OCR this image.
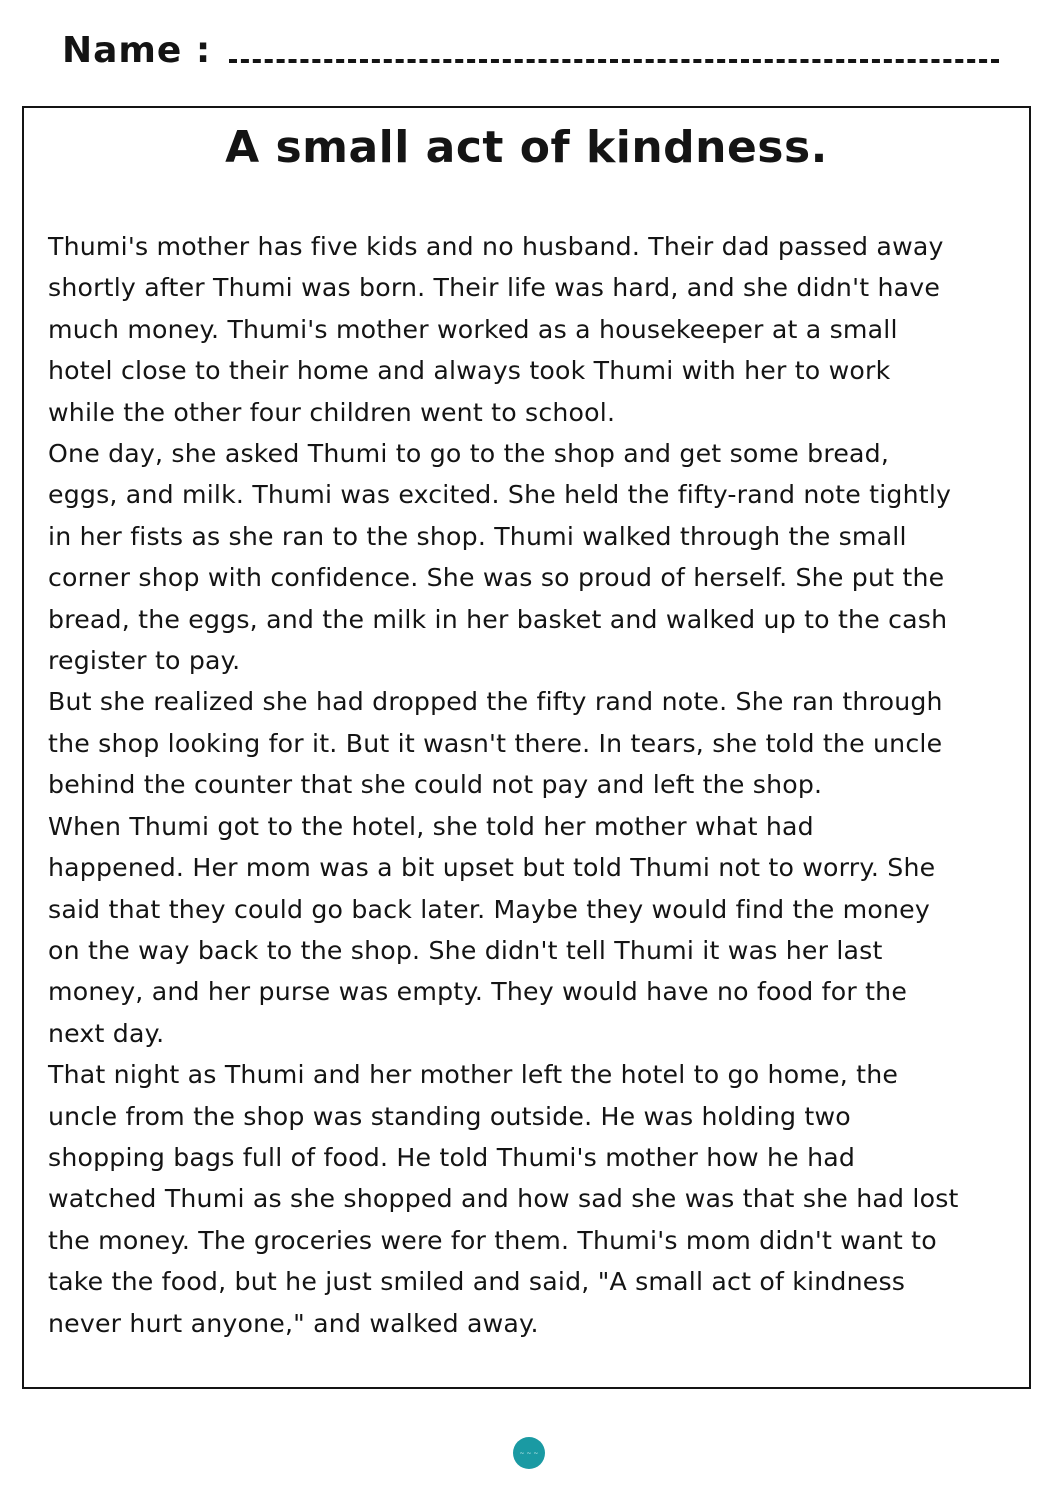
Name :
A small act of kindness.
Thumi's mother has five kids and no husband. Their dad passed away
shortly after Thumi was born. Their life was hard, and she didn't have
much money. Thumi's mother worked as a housekeeper at a small
hotel close to their home and always took Thumi with her to work
while the other four children went to school.
One day, she asked Thumi to go to the shop and get some bread,
eggs, and milk. Thumi was excited. She held the fifty-rand note tightly
in her fists as she ran to the shop. Thumi walked through the small
corner shop with confidence. She was so proud of herself. She put the
bread, the eggs, and the milk in her basket and walked up to the cash
register to pay.
But she realized she had dropped the fifty rand note. She ran through
the shop looking for it. But it wasn't there. In tears, she told the uncle
behind the counter that she could not pay and left the shop.
When Thumi got to the hotel, she told her mother what had
happened. Her mom was a bit upset but told Thumi not to worry. She
said that they could go back later. Maybe they would find the money
on the way back to the shop. She didn't tell Thumi it was her last
money, and her purse was empty. They would have no food for the
next day.
That night as Thumi and her mother left the hotel to go home, the
uncle from the shop was standing outside. He was holding two
shopping bags full of food. He told Thumi's mother how he had
watched Thumi as she shopped and how sad she was that she had lost
the money. The groceries were for them. Thumi's mom didn't want to
take the food, but he just smiled and said, "A small act of kindness
never hurt anyone," and walked away.
~ ~ ~
